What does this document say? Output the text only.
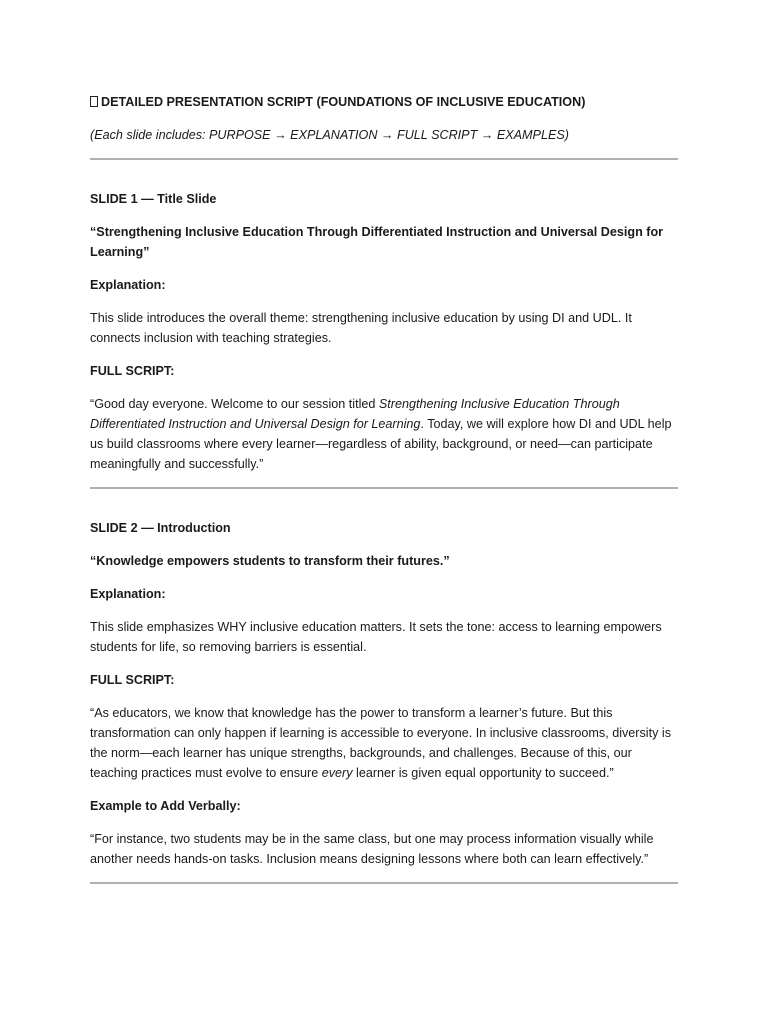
DETAILED PRESENTATION SCRIPT (FOUNDATIONS OF INCLUSIVE EDUCATION)

(Each slide includes: PURPOSE → EXPLANATION → FULL SCRIPT → EXAMPLES)

SLIDE 1 — Title Slide

“Strengthening Inclusive Education Through Differentiated Instruction and Universal Design for Learning”

Explanation:

This slide introduces the overall theme: strengthening inclusive education by using DI and UDL. It connects inclusion with teaching strategies.

FULL SCRIPT:

“Good day everyone. Welcome to our session titled Strengthening Inclusive Education Through Differentiated Instruction and Universal Design for Learning. Today, we will explore how DI and UDL help us build classrooms where every learner—regardless of ability, background, or need—can participate meaningfully and successfully.”

SLIDE 2 — Introduction

“Knowledge empowers students to transform their futures.”

Explanation:

This slide emphasizes WHY inclusive education matters. It sets the tone: access to learning empowers students for life, so removing barriers is essential.

FULL SCRIPT:

“As educators, we know that knowledge has the power to transform a learner’s future. But this transformation can only happen if learning is accessible to everyone. In inclusive classrooms, diversity is the norm—each learner has unique strengths, backgrounds, and challenges. Because of this, our teaching practices must evolve to ensure every learner is given equal opportunity to succeed.”

Example to Add Verbally:

“For instance, two students may be in the same class, but one may process information visually while another needs hands-on tasks. Inclusion means designing lessons where both can learn effectively.”
